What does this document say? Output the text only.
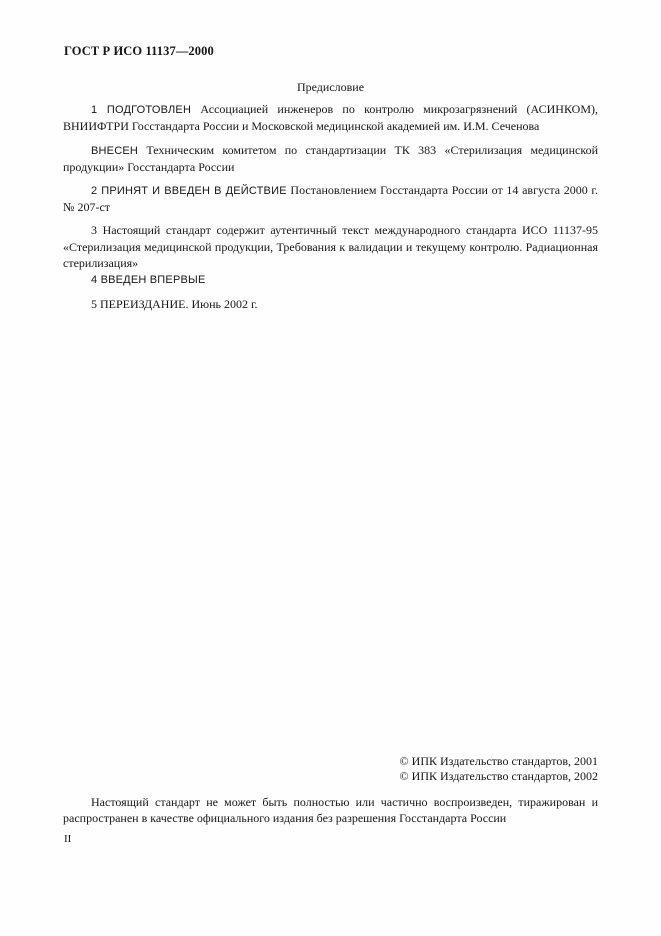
ГОСТ Р ИСО 11137—2000
Предисловие
1 ПОДГОТОВЛЕН Ассоциацией инженеров по контролю микрозагрязнений (АСИНКОМ), ВНИИФТРИ Госстандарта России и Московской медицинской академией им. И.М. Сеченова
ВНЕСЕН Техническим комитетом по стандартизации ТК 383 «Стерилизация медицинской продукции» Госстандарта России
2 ПРИНЯТ И ВВЕДЕН В ДЕЙСТВИЕ Постановлением Госстандарта России от 14 августа 2000 г. № 207-ст
3 Настоящий стандарт содержит аутентичный текст международного стандарта ИСО 11137-95 «Стерилизация медицинской продукции, Требования к валидации и текущему контролю. Радиационная стерилизация»
4 ВВЕДЕН ВПЕРВЫЕ
5 ПЕРЕИЗДАНИЕ. Июнь 2002 г.
© ИПК Издательство стандартов, 2001
© ИПК Издательство стандартов, 2002
Настоящий стандарт не может быть полностью или частично воспроизведен, тиражирован и распространен в качестве официального издания без разрешения Госстандарта России
II
